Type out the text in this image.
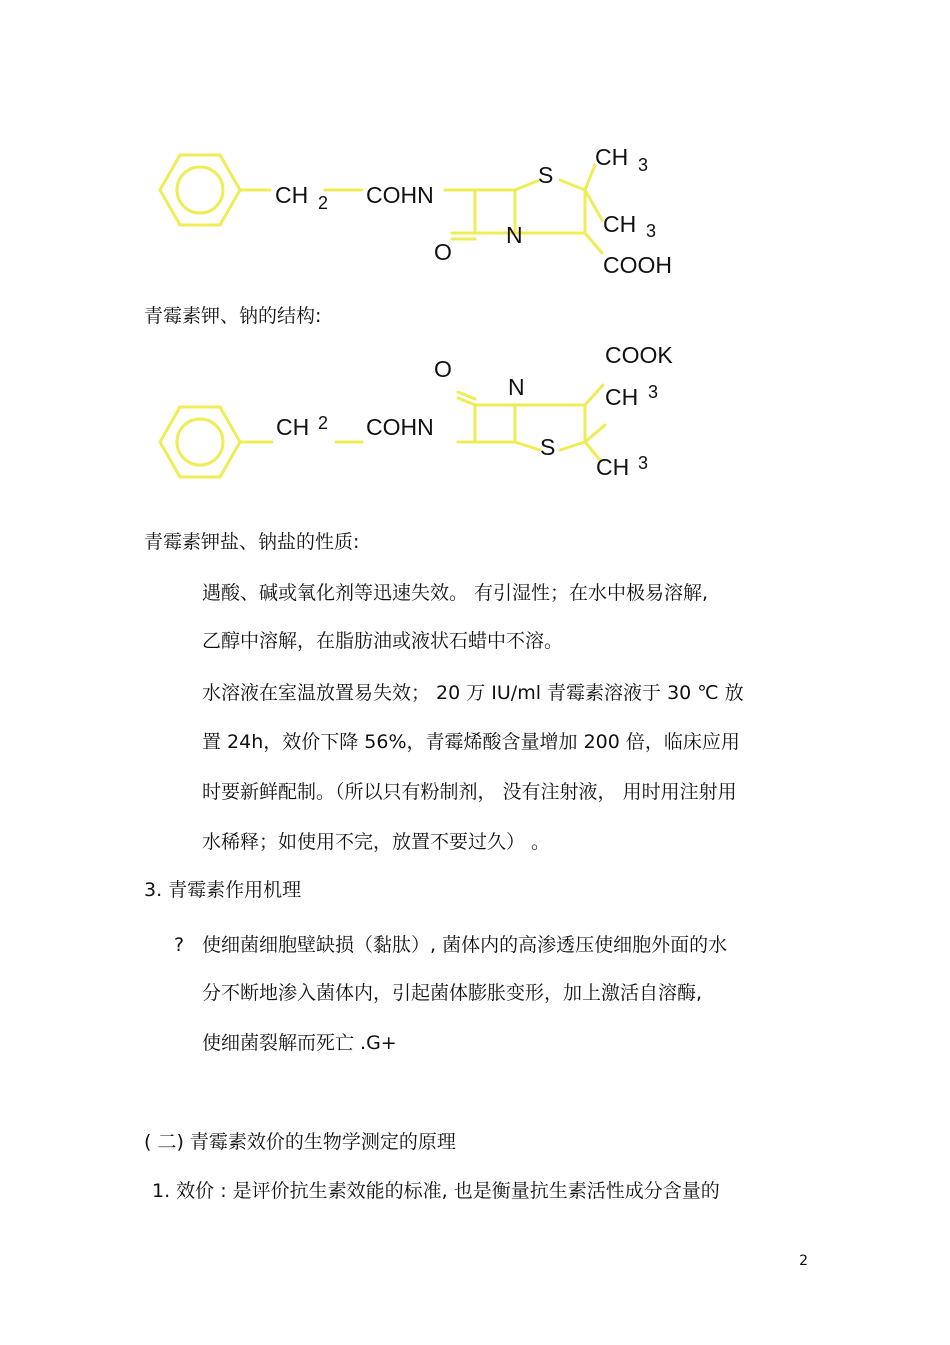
CH 2 COHN
S
N
O
CH 3
CH 3
COOH
青霉素钾、钠的结构:
CH 2 COHN
O
N
S
COOK
CH 3
CH 3
青霉素钾盐、钠盐的性质:
遇酸、碱或氧化剂等迅速失效。 有引湿性；在水中极易溶解,
乙醇中溶解，在脂肪油或液状石蜡中不溶。
水溶液在室温放置易失效； 20 万 IU/ml 青霉素溶液于 30 ℃ 放
置 24h，效价下降 56%，青霉烯酸含量增加 200 倍，临床应用
时要新鲜配制。（所以只有粉制剂， 没有注射液， 用时用注射用
水稀释；如使用不完，放置不要过久） 。
3. 青霉素作用机理
? 使细菌细胞壁缺损（黏肽）, 菌体内的高渗透压使细胞外面的水
分不断地渗入菌体内，引起菌体膨胀变形，加上激活自溶酶,
使细菌裂解而死亡 .G+
( 二) 青霉素效价的生物学测定的原理
1. 效价 : 是评价抗生素效能的标准, 也是衡量抗生素活性成分含量的
2
